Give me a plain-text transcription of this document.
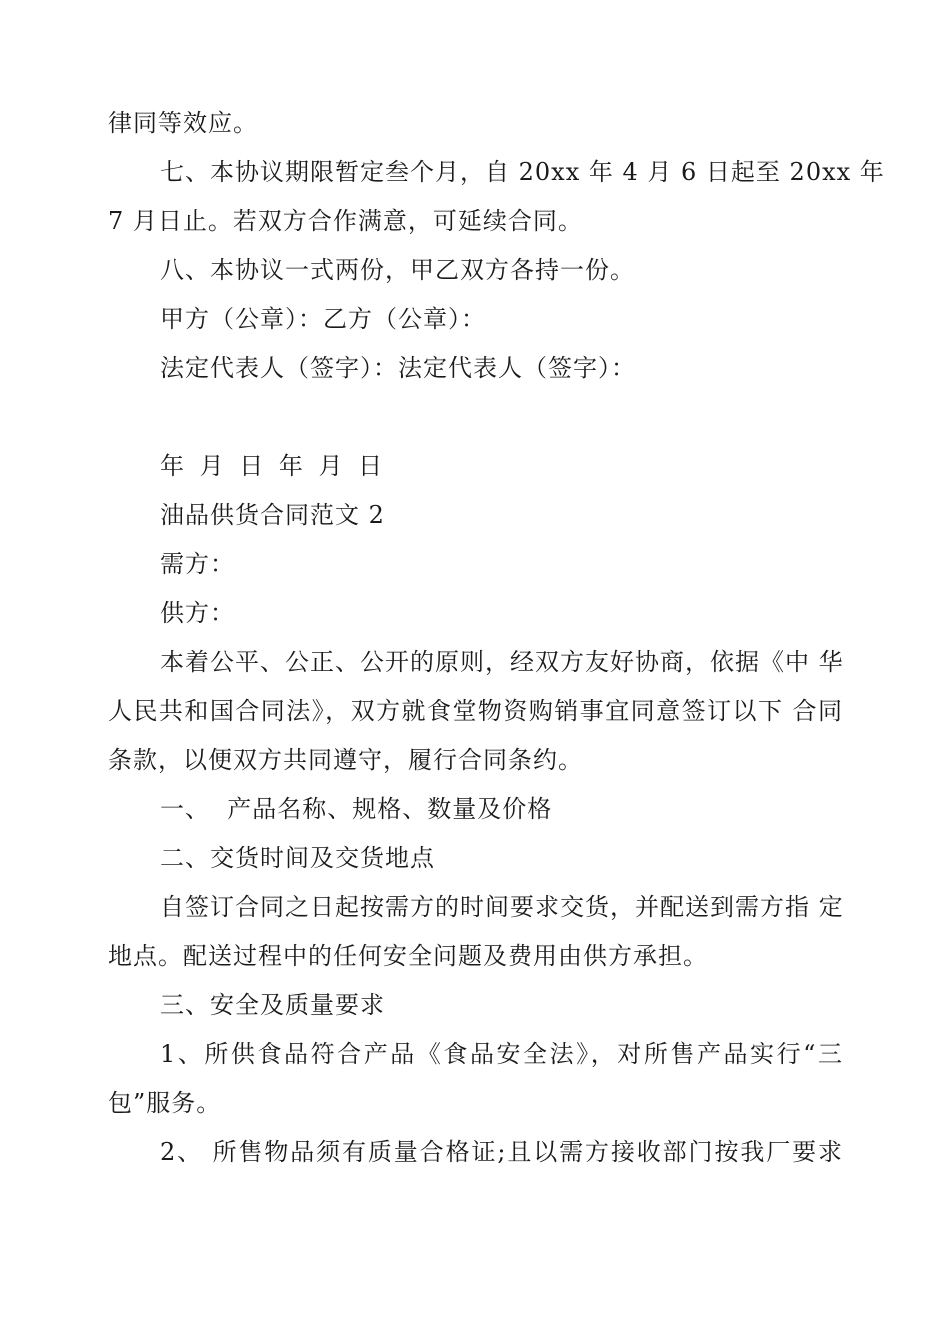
律同等效应。
七、本协议期限暂定叁个月，自 20xx 年 4 月 6 日起至 20xx 年
7 月日止。若双方合作满意，可延续合同。
八、本协议一式两份，甲乙双方各持一份。
甲方（公章）：乙方（公章）：
法定代表人（签字）：法定代表人（签字）：
年 月 日 年 月 日
油品供货合同范文 2
需方：
供方：
本着公平、公正、公开的原则，经双方友好协商，依据《中 华
人民共和国合同法》，双方就食堂物资购销事宜同意签订以下 合同
条款，以便双方共同遵守，履行合同条约。
一、  产品名称、规格、数量及价格
二、交货时间及交货地点
自签订合同之日起按需方的时间要求交货，并配送到需方指 定
地点。配送过程中的任何安全问题及费用由供方承担。
三、安全及质量要求
1、所供食品符合产品《食品安全法》，对所售产品实行“三
包”服务。
2、 所售物品须有质量合格证;且以需方接收部门按我厂要求
